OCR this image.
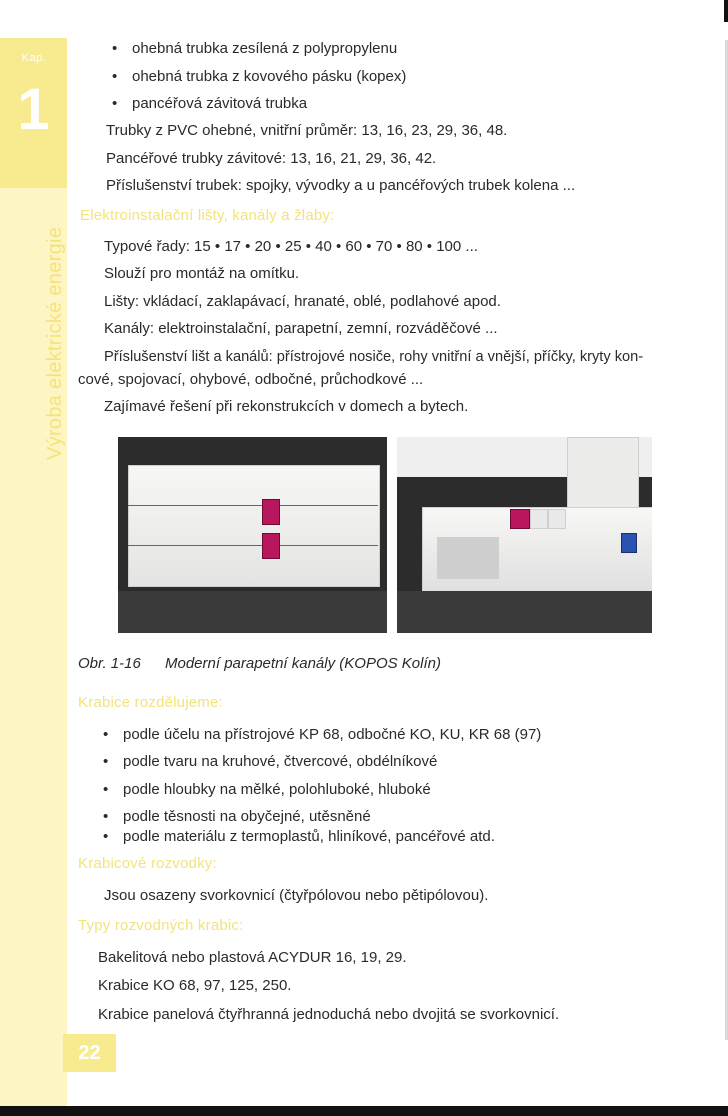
Kap.
1
Výroba elektrické energie
22
• ohebná trubka zesílená z polypropylenu
• ohebná trubka z kovového pásku (kopex)
• pancéřová závitová trubka
Trubky z PVC ohebné, vnitřní průměr: 13, 16, 23, 29, 36, 48.
Pancéřové trubky závitové: 13, 16, 21, 29, 36, 42.
Příslušenství trubek: spojky, vývodky a u pancéřových trubek kolena ...
Elektroinstalační lišty, kanály a žlaby:
Typové řady: 15 • 17 • 20 • 25 • 40 • 60 • 70 • 80 • 100 ...
Slouží pro montáž na omítku.
Lišty: vkládací, zaklapávací, hranaté, oblé, podlahové apod.
Kanály: elektroinstalační, parapetní, zemní, rozváděčové ...
Příslušenství lišt a kanálů: přístrojové nosiče, rohy vnitřní a vnější, příčky, kryty kon-
cové, spojovací, ohybové, odbočné, průchodkové ...
Zajímavé řešení při rekonstrukcích v domech a bytech.
Obr. 1-16 Moderní parapetní kanály (KOPOS Kolín)
Krabice rozdělujeme:
• podle účelu na přístrojové KP 68, odbočné KO, KU, KR 68 (97)
• podle tvaru na kruhové, čtvercové, obdélníkové
• podle hloubky na mělké, polohluboké, hluboké
• podle těsnosti na obyčejné, utěsněné
• podle materiálu z termoplastů, hliníkové, pancéřové atd.
Krabicové rozvodky:
Jsou osazeny svorkovnicí (čtyřpólovou nebo pětipólovou).
Typy rozvodných krabic:
Bakelitová nebo plastová ACYDUR 16, 19, 29.
Krabice KO 68, 97, 125, 250.
Krabice panelová čtyřhranná jednoduchá nebo dvojitá se svorkovnicí.
